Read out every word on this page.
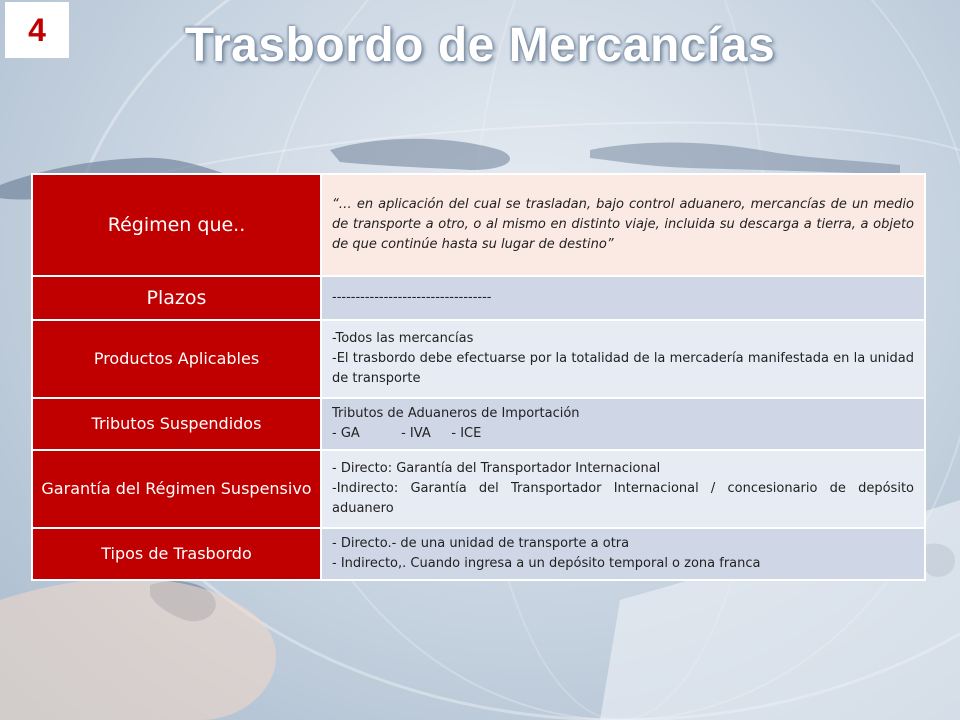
4	Trasbordo de Mercancías
Régimen que..	“… en aplicación del cual se trasladan, bajo control aduanero, mercancías de un medio de transporte a otro, o al mismo en distinto viaje, incluida su descarga a tierra, a objeto de que continúe hasta su lugar de destino”

Plazos	----------------------------------

Productos Aplicables	-Todos las mercancías
-El trasbordo debe efectuarse por la totalidad de la mercadería manifestada en la unidad de transporte

Tributos Suspendidos	Tributos de Aduaneros de Importación
- GA          - IVA     - ICE

Garantía del Régimen Suspensivo	- Directo: Garantía del Transportador Internacional
-Indirecto: Garantía del Transportador Internacional / concesionario de depósito aduanero

Tipos de Trasbordo	- Directo.- de una unidad de transporte a otra
- Indirecto,. Cuando ingresa a un depósito temporal o zona franca
